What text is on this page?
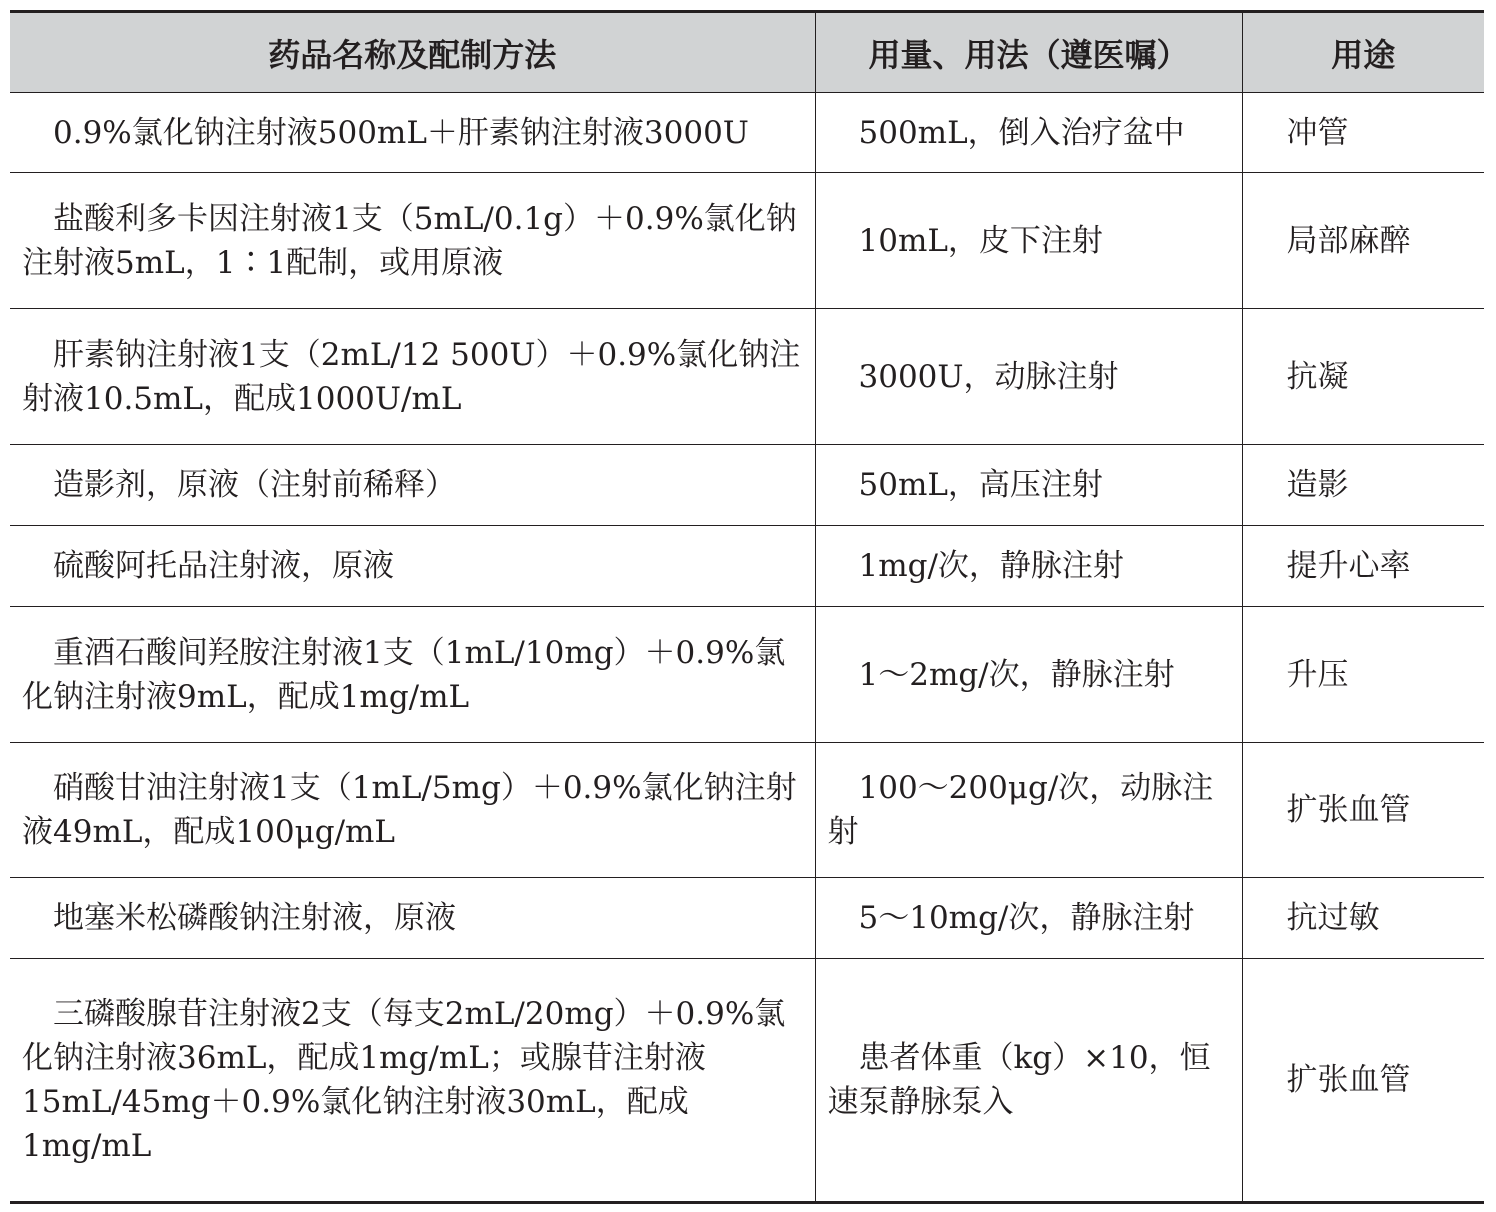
药品名称及配制方法	用量、用法（遵医嘱）	用途
0.9%氯化钠注射液500mL＋肝素钠注射液3000U	500mL，倒入治疗盆中	冲管
盐酸利多卡因注射液1支（5mL/0.1g）＋0.9%氯化钠注射液5mL，1∶1配制，或用原液	10mL，皮下注射	局部麻醉
肝素钠注射液1支（2mL/12 500U）＋0.9%氯化钠注射液10.5mL，配成1000U/mL	3000U，动脉注射	抗凝
造影剂，原液（注射前稀释）	50mL，高压注射	造影
硫酸阿托品注射液，原液	1mg/次，静脉注射	提升心率
重酒石酸间羟胺注射液1支（1mL/10mg）＋0.9%氯化钠注射液9mL，配成1mg/mL	1～2mg/次，静脉注射	升压
硝酸甘油注射液1支（1mL/5mg）＋0.9%氯化钠注射液49mL，配成100μg/mL	100～200μg/次，动脉注射	扩张血管
地塞米松磷酸钠注射液，原液	5～10mg/次，静脉注射	抗过敏
三磷酸腺苷注射液2支（每支2mL/20mg）＋0.9%氯化钠注射液36mL，配成1mg/mL；或腺苷注射液15mL/45mg＋0.9%氯化钠注射液30mL，配成1mg/mL	患者体重（kg）×10，恒速泵静脉泵入	扩张血管
